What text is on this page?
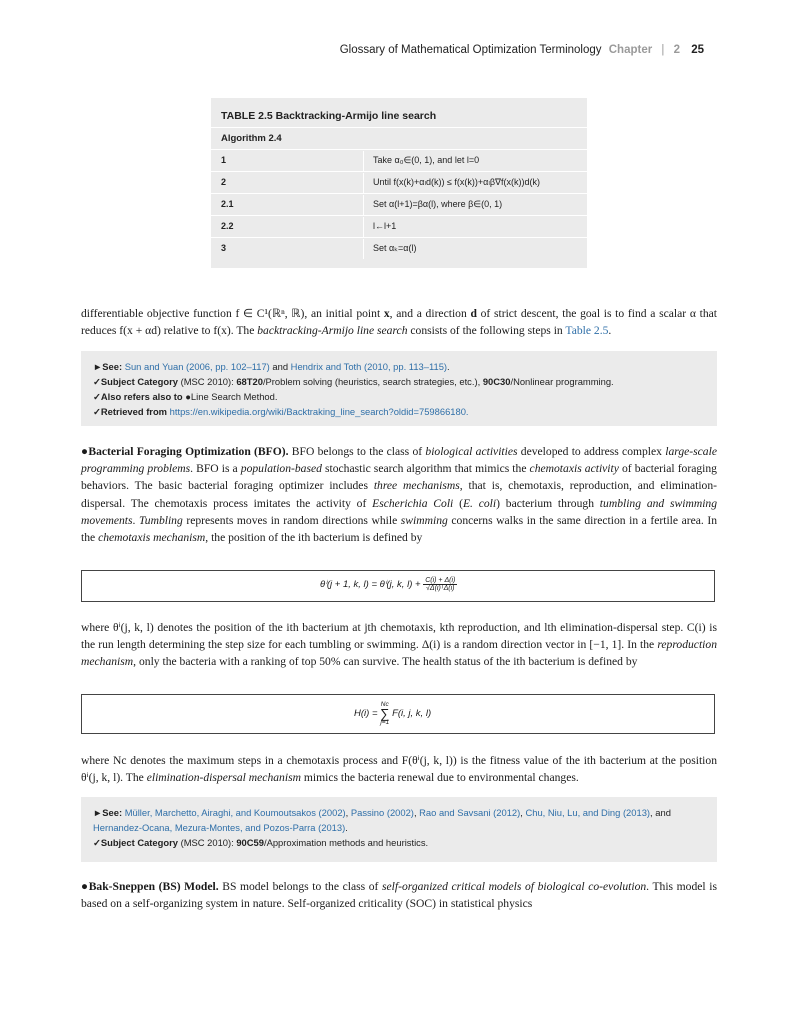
Glossary of Mathematical Optimization Terminology Chapter | 2 25
TABLE 2.5 Backtracking-Armijo line search
Algorithm 2.4
1	Take α₀∈(0, 1), and let l=0
2	Until f(x(k)+αₗd(k)) ≤ f(x(k))+αₗβ∇f(x(k))d(k)
2.1	Set α(l+1)=βα(l), where β∈(0, 1)
2.2	l←l+1
3	Set αₖ=α(l)
differentiable objective function f ∈ C¹(ℝⁿ, ℝ), an initial point x, and a direction d of strict descent, the goal is to find a scalar α that reduces f(x + αd) relative to f(x). The backtracking-Armijo line search consists of the following steps in Table 2.5.
►See: Sun and Yuan (2006, pp. 102–117) and Hendrix and Toth (2010, pp. 113–115).
✓Subject Category (MSC 2010): 68T20/Problem solving (heuristics, search strategies, etc.), 90C30/Nonlinear programming.
✓Also refers also to ●Line Search Method.
✓Retrieved from https://en.wikipedia.org/wiki/Backtraking_line_search?oldid=759866180.
●Bacterial Foraging Optimization (BFO). BFO belongs to the class of biological activities developed to address complex large-scale programming problems. BFO is a population-based stochastic search algorithm that mimics the chemotaxis activity of bacterial foraging behaviors. The basic bacterial foraging optimizer includes three mechanisms, that is, chemotaxis, reproduction, and elimination-dispersal. The chemotaxis process imitates the activity of Escherichia Coli (E. coli) bacterium through tumbling and swimming movements. Tumbling represents moves in random directions while swimming concerns walks in the same direction in a fertile area. In the chemotaxis mechanism, the position of the ith bacterium is defined by
θⁱ(j + 1, k, l) = θⁱ(j, k, $l) + \frac{C(i) + \Delta(i)}{\text{√Δ(i)ᵀΔ(i)}}$
where θⁱ(j, k, l) denotes the position of the ith bacterium at jth chemotaxis, kth reproduction, and lth elimination-dispersal step. C(i) is the run length determining the step size for each tumbling or swimming. Δ(i) is a random direction vector in [−1, 1]. In the reproduction mechanism, only the bacteria with a ranking of top 50% can survive. The health status of the ith bacterium is defined by
H(i) =
Nc
∑
j=1
F(i, j, k, l)
where Nc denotes the maximum steps in a chemotaxis process and F(θⁱ(j, k, l)) is the fitness value of the ith bacterium at the position θⁱ(j, k, l). The elimination-dispersal mechanism mimics the bacteria renewal due to environmental changes.
►See: Müller, Marchetto, Airaghi, and Koumoutsakos (2002), Passino (2002), Rao and Savsani (2012), Chu, Niu, Lu, and Ding (2013), and Hernandez-Ocana, Mezura-Montes, and Pozos-Parra (2013).
✓Subject Category (MSC 2010): 90C59/Approximation methods and heuristics.
●Bak-Sneppen (BS) Model. BS model belongs to the class of self-organized critical models of biological co-evolution. This model is based on a self-organizing system in nature. Self-organized criticality (SOC) in statistical physics
